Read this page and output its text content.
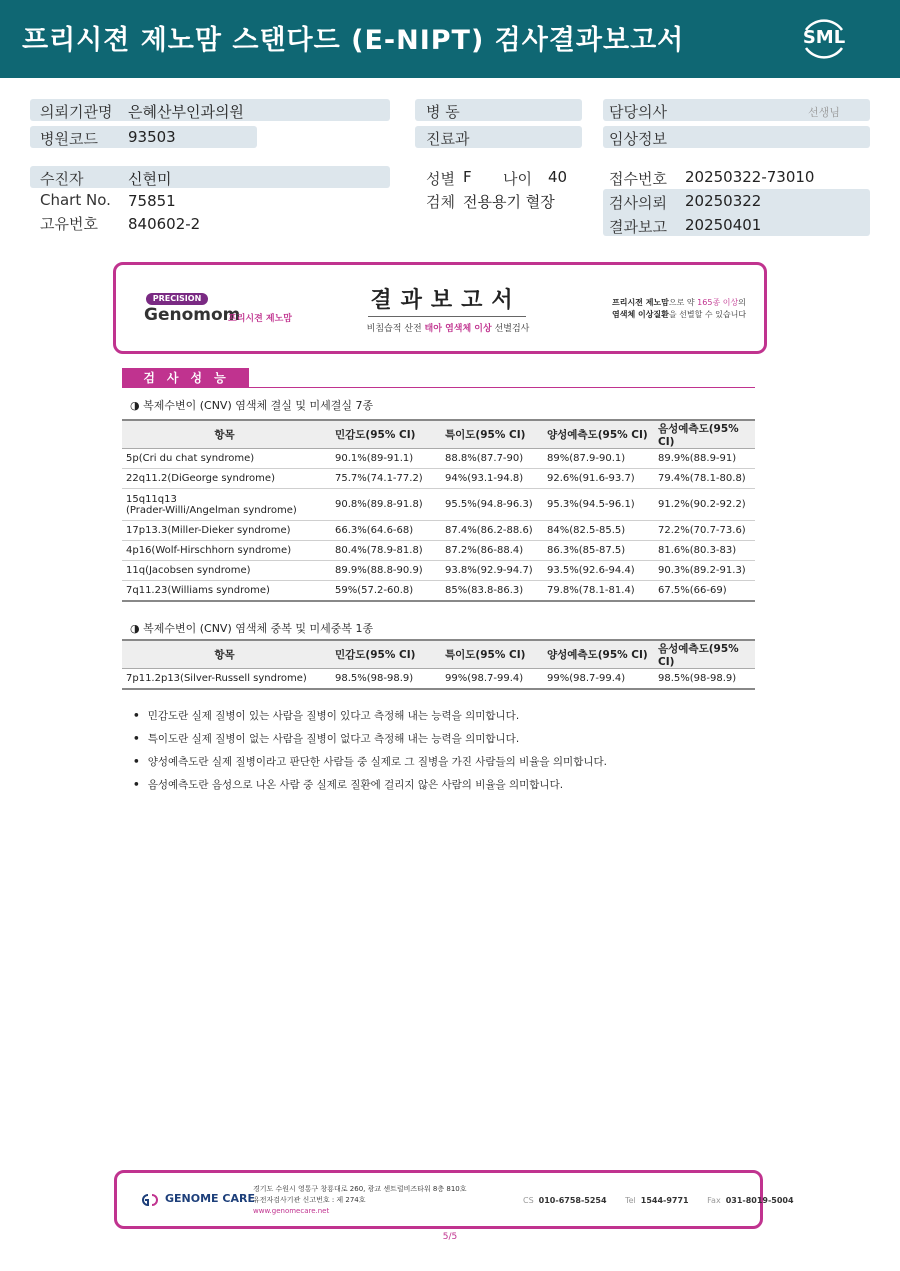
프리시젼 제노맘 스탠다드 (E-NIPT) 검사결과보고서	SML
의뢰기관명 은혜산부인과의원
병원코드 93503
병 동
진료과
담당의사	선생님
임상정보
수진자	신현미
Chart No. 75851
고유번호 840602-2
성별 F 나이 40
검체 전용용기 혈장
접수번호 20250322-73010
검사의뢰 20250322
결과보고 20250401
PRECISION
Genomom
프리시젼 제노맘
결과보고서
비침습적 산전 태아 염색체 이상 선별검사
프리시젼 제노맘으로 약 165종 이상의
염색체 이상질환을 선별할 수 있습니다
검사성능
◑ 복제수변이 (CNV) 염색체 결실 및 미세결실 7종
항목	민감도(95% CI)	특이도(95% CI)	양성예측도(95% CI)	음성예측도(95% CI)
5p(Cri du chat syndrome)	90.1%(89-91.1)	88.8%(87.7-90)	89%(87.9-90.1)	89.9%(88.9-91)
22q11.2(DiGeorge syndrome)	75.7%(74.1-77.2)	94%(93.1-94.8)	92.6%(91.6-93.7)	79.4%(78.1-80.8)

15q11q13
(Prader-Willi/Angelman syndrome)	90.8%(89.8-91.8)	95.5%(94.8-96.3)	95.3%(94.5-96.1)	91.2%(90.2-92.2)
17p13.3(Miller-Dieker syndrome)	66.3%(64.6-68)	87.4%(86.2-88.6)	84%(82.5-85.5)	72.2%(70.7-73.6)
4p16(Wolf-Hirschhorn syndrome)	80.4%(78.9-81.8)	87.2%(86-88.4)	86.3%(85-87.5)	81.6%(80.3-83)
11q(Jacobsen syndrome)	89.9%(88.8-90.9)	93.8%(92.9-94.7)	93.5%(92.6-94.4)	90.3%(89.2-91.3)
7q11.23(Williams syndrome)	59%(57.2-60.8)	85%(83.8-86.3)	79.8%(78.1-81.4)	67.5%(66-69)
◑ 복제수변이 (CNV) 염색체 중복 및 미세중복 1종
항목	민감도(95% CI)	특이도(95% CI)	양성예측도(95% CI)	음성예측도(95% CI)
7p11.2p13(Silver-Russell syndrome)	98.5%(98-98.9)	99%(98.7-99.4)	99%(98.7-99.4)	98.5%(98-98.9)
• 민감도란 실제 질병이 있는 사람을 질병이 있다고 측정해 내는 능력을 의미합니다.
• 특이도란 실제 질병이 없는 사람을 질병이 없다고 측정해 내는 능력을 의미합니다.
• 양성예측도란 실제 질병이라고 판단한 사람들 중 실제로 그 질병을 가진 사람들의 비율을 의미합니다.
• 음성예측도란 음성으로 나온 사람 중 실제로 질환에 걸리지 않은 사람의 비율을 의미합니다.
GENOME CARE
경기도 수원시 영통구 창룡대로 260, 광교 센트럴비즈타워 8층 810호
유전자검사기관 신고번호 : 제 274호
www.genomecare.net
CS 010-6758-5254 Tel 1544-9771 Fax 031-8019-5004
5/5
